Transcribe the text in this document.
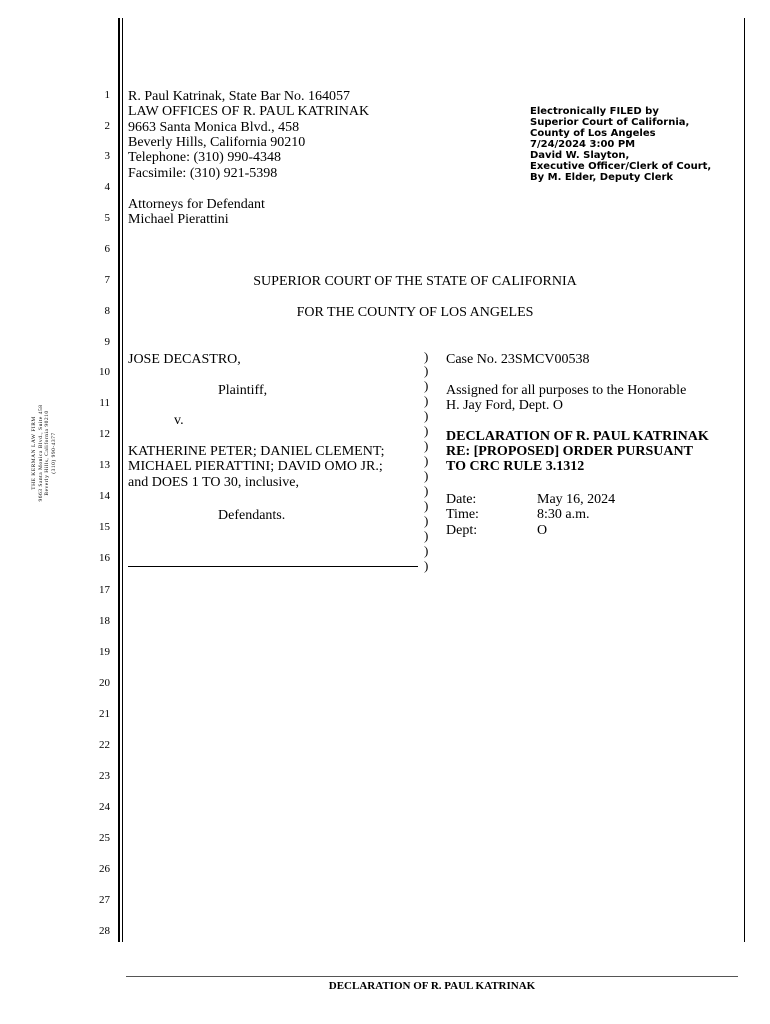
1
2
3
4
5
6
7
8
9
10
11
12
13
14
15
16
17
18
19
20
21
22
23
24
25
26
27
28
R. Paul Katrinak, State Bar No. 164057
LAW OFFICES OF R. PAUL KATRINAK
9663 Santa Monica Blvd., 458
Beverly Hills, California 90210
Telephone: (310) 990-4348
Facsimile: (310) 921-5398
Attorneys for Defendant
Michael Pierattini
Electronically FILED by
Superior Court of California,
County of Los Angeles
7/24/2024 3:00 PM
David W. Slayton,
Executive Officer/Clerk of Court,
By M. Elder, Deputy Clerk
SUPERIOR COURT OF THE STATE OF CALIFORNIA
FOR THE COUNTY OF LOS ANGELES
JOSE DECASTRO,
Plaintiff,
v.
KATHERINE PETER; DANIEL CLEMENT;
MICHAEL PIERATTINI; DAVID OMO JR.;
and DOES 1 TO 30, inclusive,
Defendants.
)
)
)
)
)
)
)
)
)
)
)
)
)
)
)
Case No. 23SMCV00538
Assigned for all purposes to the Honorable
H. Jay Ford, Dept. O
DECLARATION OF R. PAUL KATRINAK
RE: [PROPOSED] ORDER PURSUANT
TO CRC RULE 3.1312
Date:	May 16, 2024
Time:	8:30 a.m.
Dept:	O
THE KERMAN LAW FIRM 9663 Santa Monica Blvd., Suite 458 Beverly Hills, California 90210 (310) 990-4377
DECLARATION OF R. PAUL KATRINAK
